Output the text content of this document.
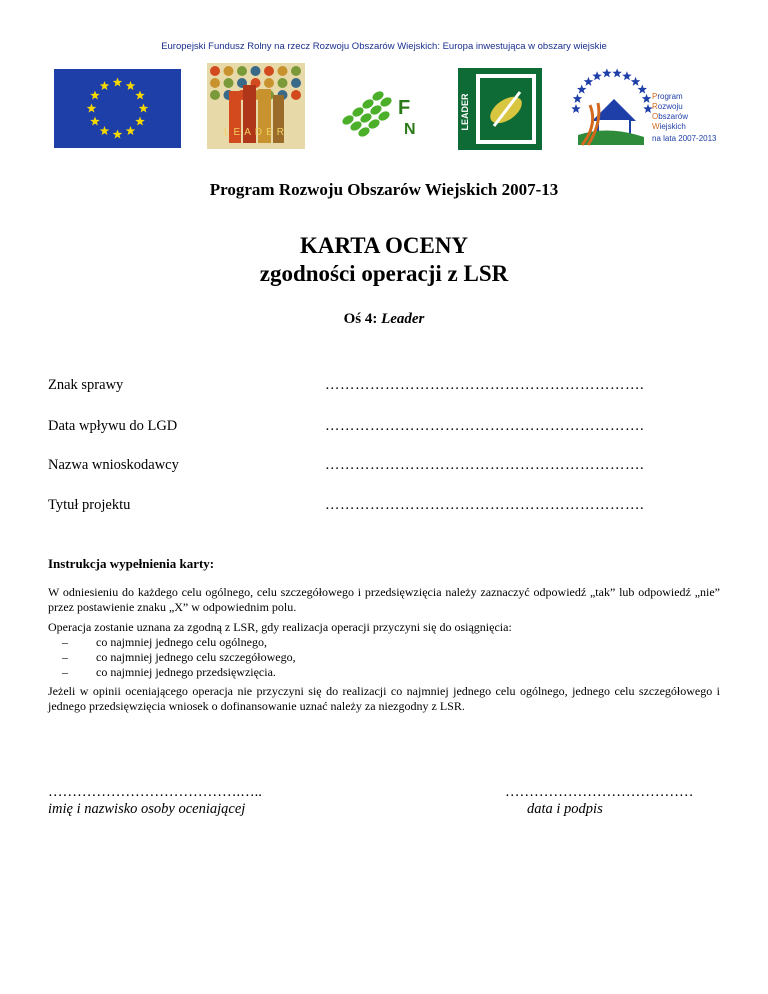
Europejski Fundusz Rolny na rzecz Rozwoju Obszarów Wiejskich: Europa inwestująca w obszary wiejskie
LEADER
F
N	LEADER	Program
Rozwoju
Obszarów
Wiejskich
na lata 2007-2013
Program Rozwoju Obszarów Wiejskich 2007-13
KARTA OCENY
zgodności operacji z LSR
Oś 4: Leader
Znak sprawy	……………………………………………………….
Data wpływu do LGD	……………………………………………………….
Nazwa wnioskodawcy	……………………………………………………….
Tytuł projektu	……………………………………………………….
Instrukcja wypełnienia karty:
W odniesieniu do każdego celu ogólnego, celu szczegółowego i przedsięwzięcia należy zaznaczyć odpowiedź „tak” lub odpowiedź „nie” przez postawienie znaku „X” w odpowiednim polu.
Operacja zostanie uznana za zgodną z LSR, gdy realizacja operacji przyczyni się do osiągnięcia:
– co najmniej jednego celu ogólnego,
– co najmniej jednego celu szczegółowego,
– co najmniej jednego przedsięwzięcia.
Jeżeli w opinii oceniającego operacja nie przyczyni się do realizacji co najmniej jednego celu ogólnego, jednego celu szczegółowego i jednego przedsięwzięcia wniosek o dofinansowanie uznać należy za niezgodny z LSR.
………………………………….…..
imię i nazwisko osoby oceniającej
…………………………………
data i podpis
